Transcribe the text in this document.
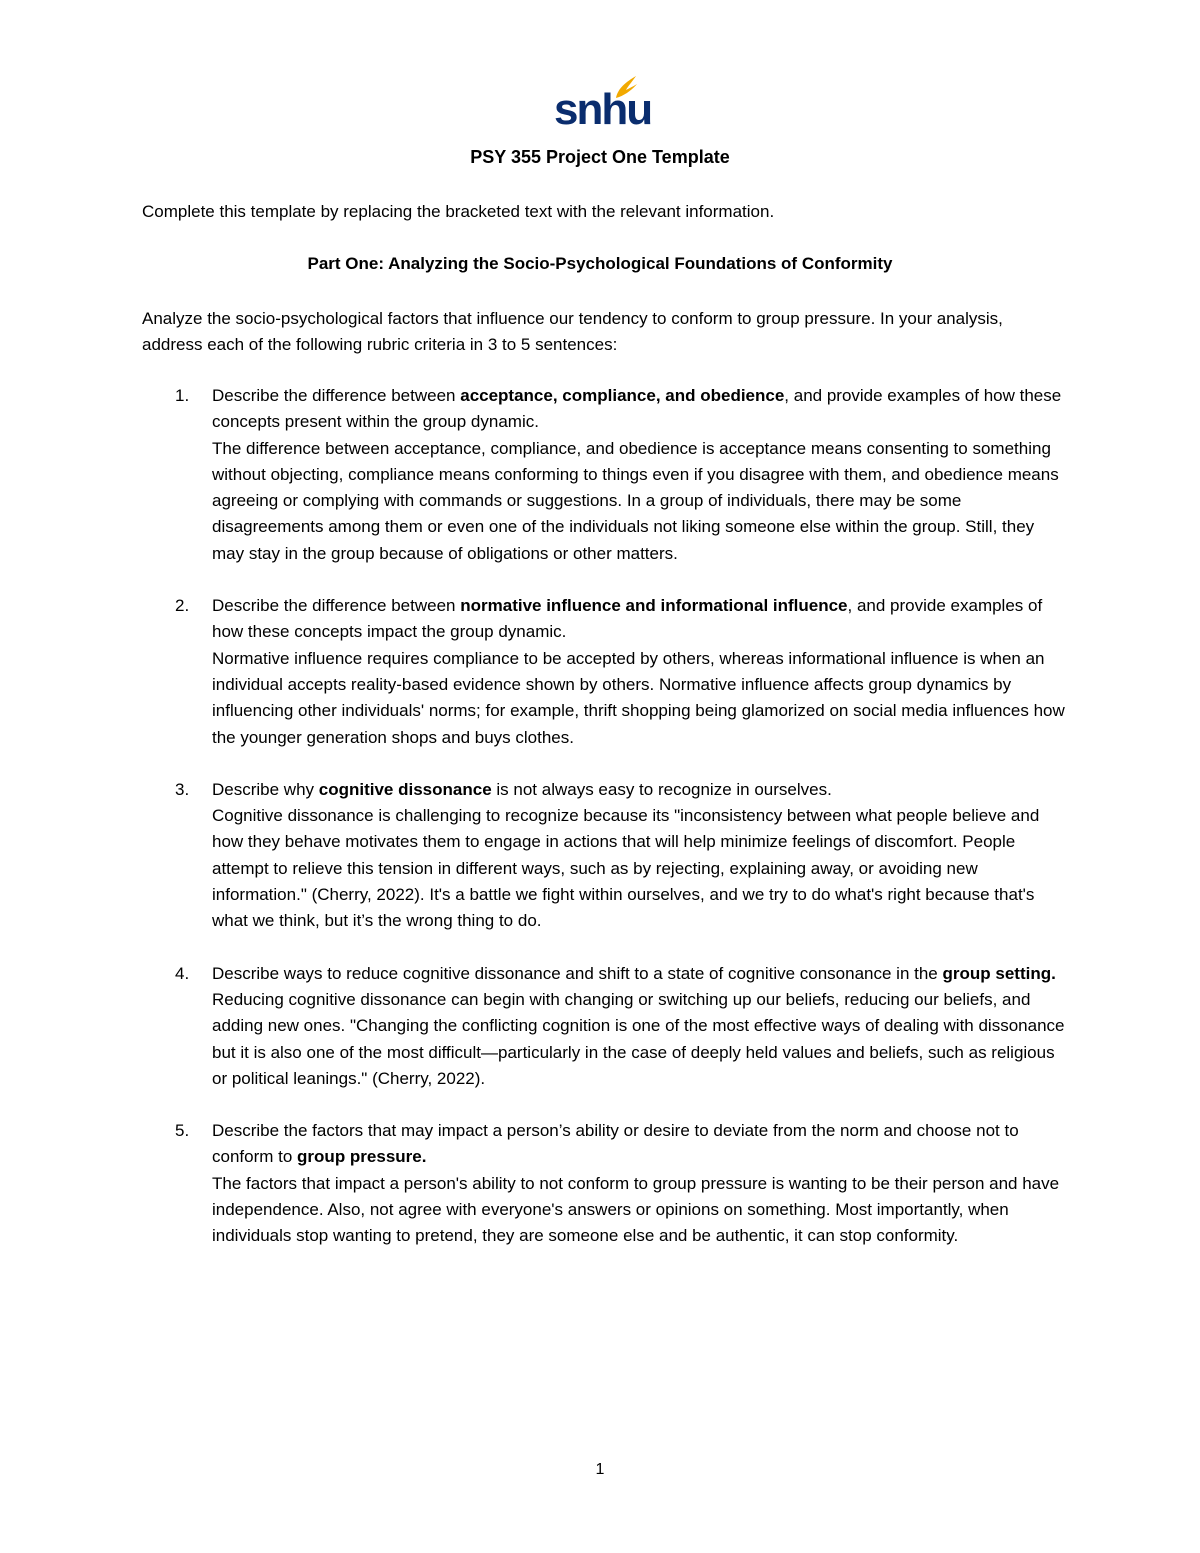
snhu
PSY 355 Project One Template
Complete this template by replacing the bracketed text with the relevant information.
Part One: Analyzing the Socio-Psychological Foundations of Conformity
Analyze the socio-psychological factors that influence our tendency to conform to group pressure. In your analysis, address each of the following rubric criteria in 3 to 5 sentences:
1. Describe the difference between acceptance, compliance, and obedience, and provide examples of how these concepts present within the group dynamic.
The difference between acceptance, compliance, and obedience is acceptance means consenting to something without objecting, compliance means conforming to things even if you disagree with them, and obedience means agreeing or complying with commands or suggestions. In a group of individuals, there may be some disagreements among them or even one of the individuals not liking someone else within the group. Still, they may stay in the group because of obligations or other matters.
2. Describe the difference between normative influence and informational influence, and provide examples of how these concepts impact the group dynamic.
Normative influence requires compliance to be accepted by others, whereas informational influence is when an individual accepts reality-based evidence shown by others. Normative influence affects group dynamics by influencing other individuals' norms; for example, thrift shopping being glamorized on social media influences how the younger generation shops and buys clothes.
3. Describe why cognitive dissonance is not always easy to recognize in ourselves.
Cognitive dissonance is challenging to recognize because its "inconsistency between what people believe and how they behave motivates them to engage in actions that will help minimize feelings of discomfort. People attempt to relieve this tension in different ways, such as by rejecting, explaining away, or avoiding new information." (Cherry, 2022). It's a battle we fight within ourselves, and we try to do what's right because that's what we think, but it’s the wrong thing to do.
4. Describe ways to reduce cognitive dissonance and shift to a state of cognitive consonance in the group setting.
Reducing cognitive dissonance can begin with changing or switching up our beliefs, reducing our beliefs, and adding new ones. "Changing the conflicting cognition is one of the most effective ways of dealing with dissonance but it is also one of the most difficult—particularly in the case of deeply held values and beliefs, such as religious or political leanings." (Cherry, 2022).
5. Describe the factors that may impact a person’s ability or desire to deviate from the norm and choose not to conform to group pressure.
The factors that impact a person's ability to not conform to group pressure is wanting to be their person and have independence. Also, not agree with everyone's answers or opinions on something. Most importantly, when individuals stop wanting to pretend, they are someone else and be authentic, it can stop conformity.
1
